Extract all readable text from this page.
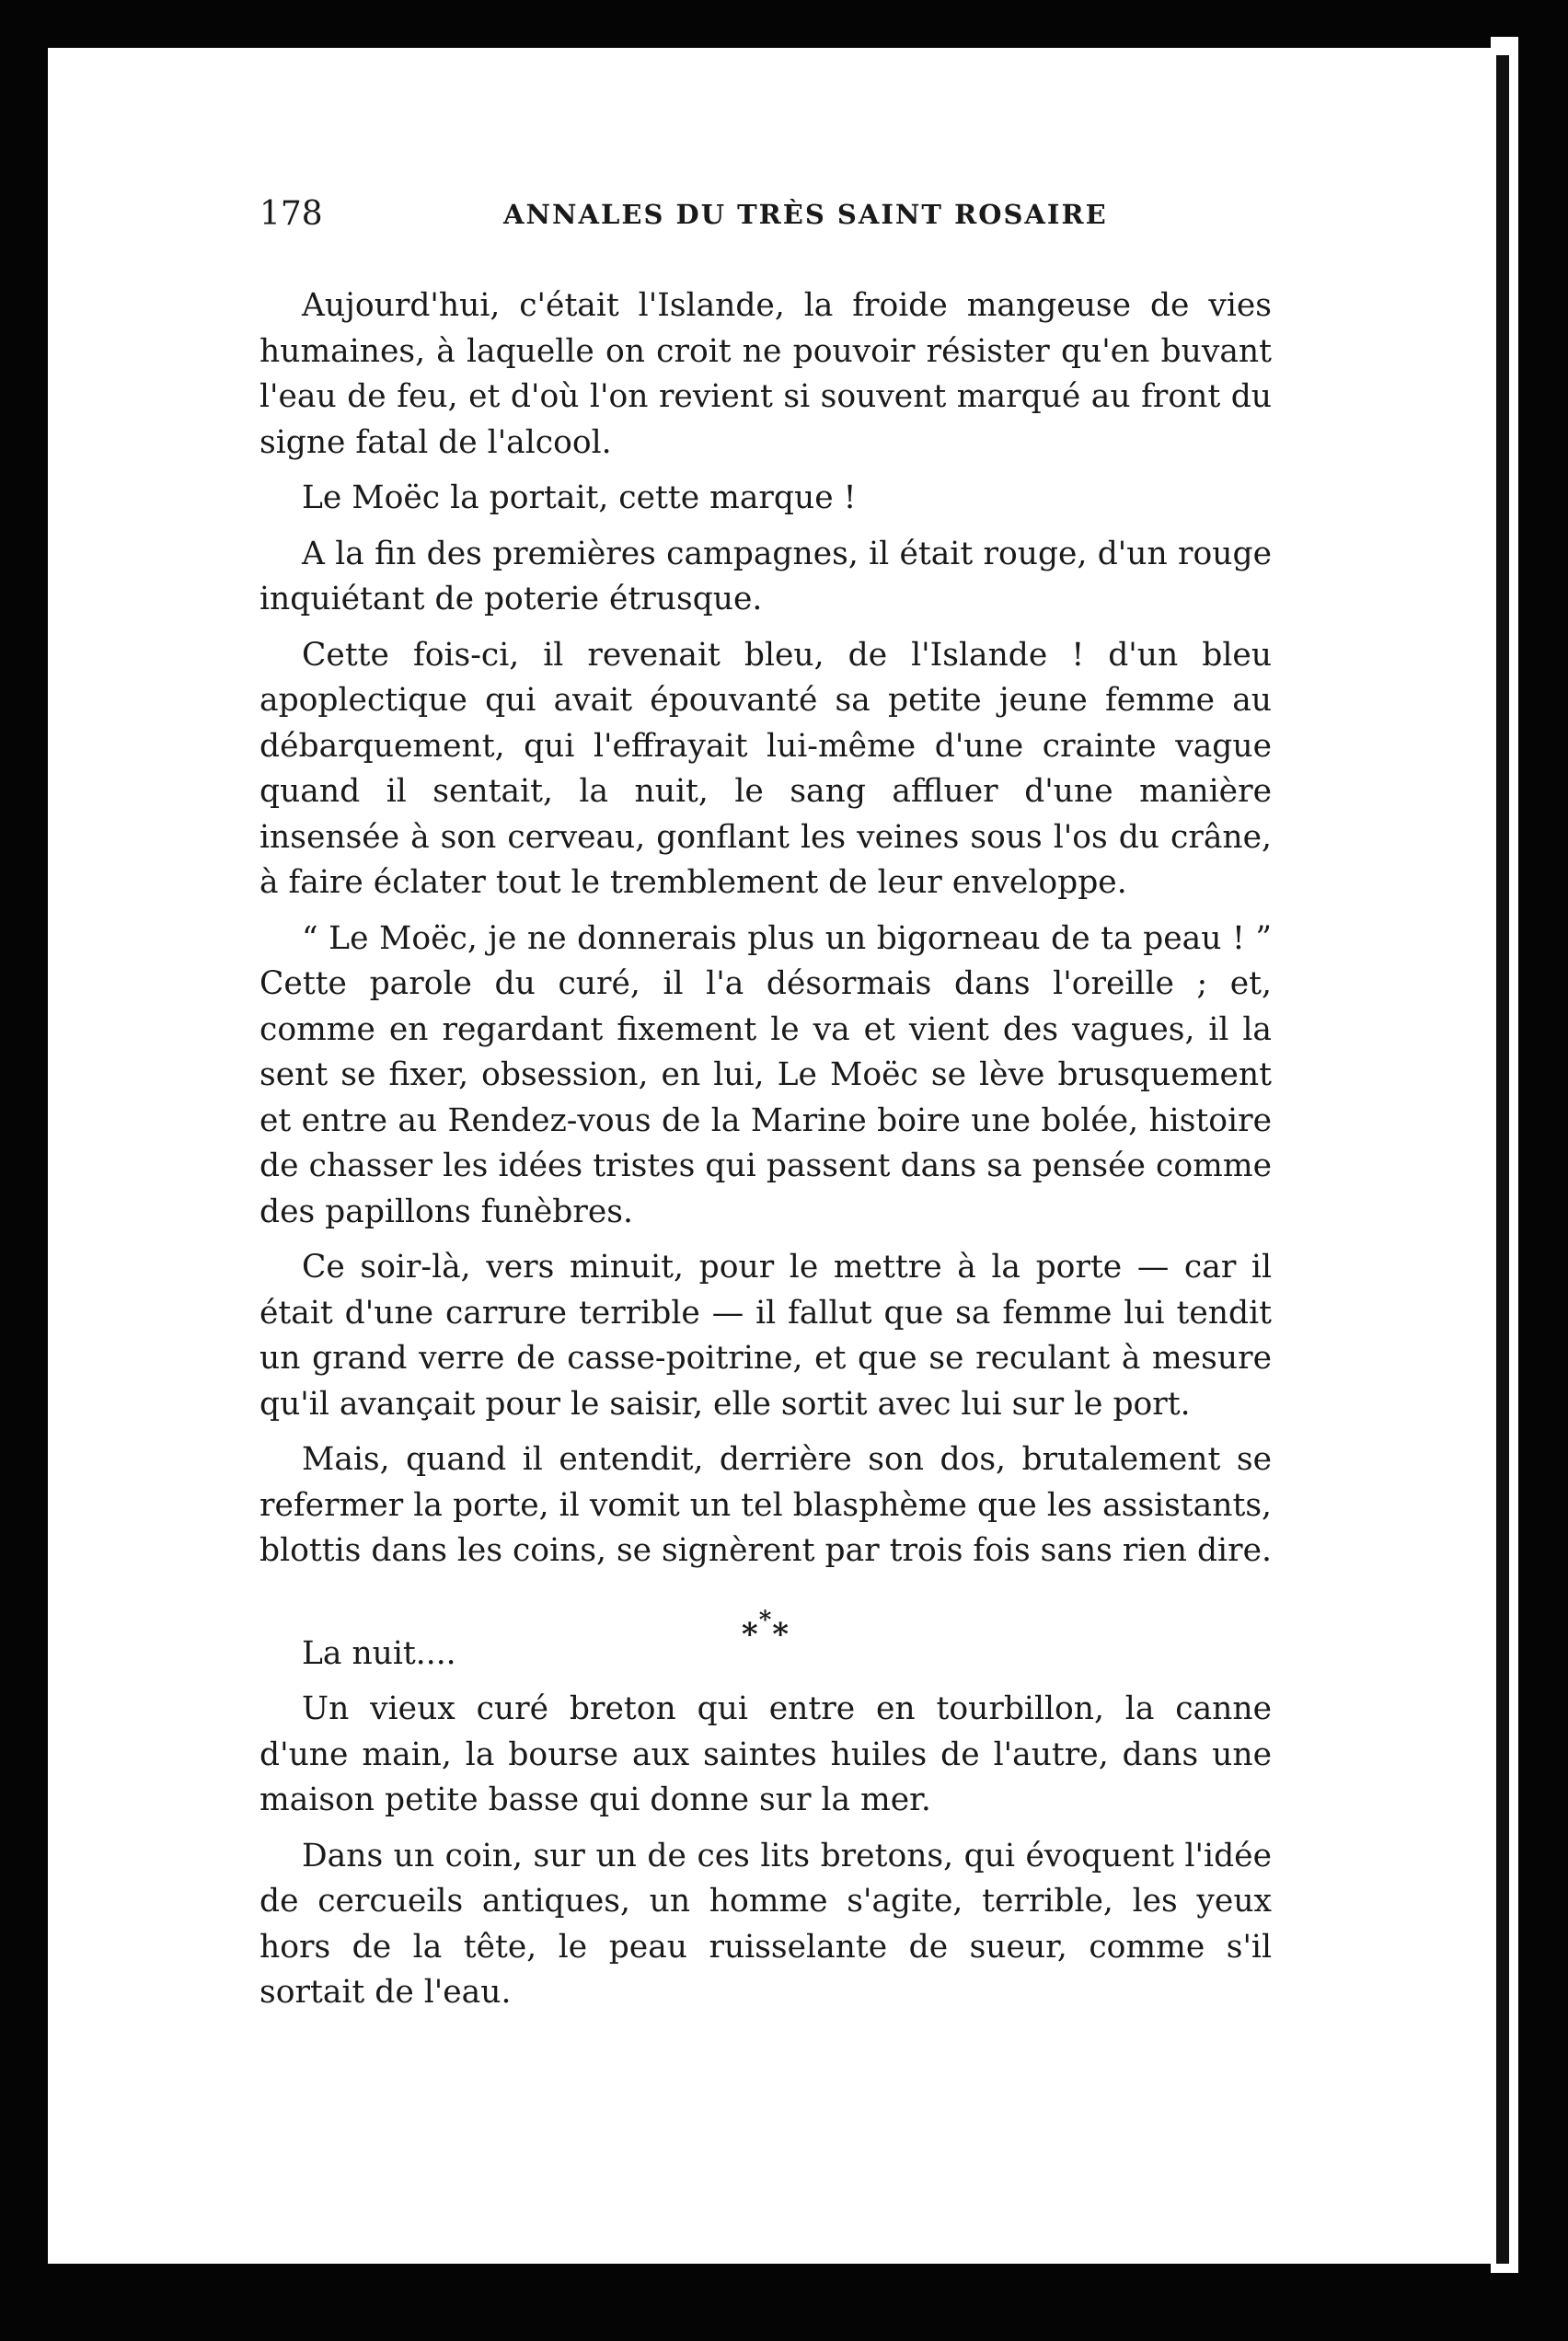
178	ANNALES DU TRÈS SAINT ROSAIRE

Aujourd'hui, c'était l'Islande, la froide mangeuse de vies humaines, à laquelle on croit ne pouvoir résister qu'en buvant l'eau de feu, et d'où l'on revient si souvent marqué au front du signe fatal de l'alcool.

Le Moëc la portait, cette marque !

A la fin des premières campagnes, il était rouge, d'un rouge inquiétant de poterie étrusque.

Cette fois-ci, il revenait bleu, de l'Islande ! d'un bleu apoplectique qui avait épouvanté sa petite jeune femme au débarquement, qui l'effrayait lui-même d'une crainte vague quand il sentait, la nuit, le sang affluer d'une manière insensée à son cerveau, gonflant les veines sous l'os du crâne, à faire éclater tout le tremblement de leur enveloppe.

“ Le Moëc, je ne donnerais plus un bigorneau de ta peau ! ” Cette parole du curé, il l'a désormais dans l'oreille ; et, comme en regardant fixement le va et vient des vagues, il la sent se fixer, obsession, en lui, Le Moëc se lève brusquement et entre au Rendez-vous de la Marine boire une bolée, histoire de chasser les idées tristes qui passent dans sa pensée comme des papillons funèbres.

Ce soir-là, vers minuit, pour le mettre à la porte — car il était d'une carrure terrible — il fallut que sa femme lui tendit un grand verre de casse-poitrine, et que se reculant à mesure qu'il avançait pour le saisir, elle sortit avec lui sur le port.

Mais, quand il entendit, derrière son dos, brutalement se refermer la porte, il vomit un tel blasphème que les assistants, blottis dans les coins, se signèrent par trois fois sans rien dire.

***

La nuit....

Un vieux curé breton qui entre en tourbillon, la canne d'une main, la bourse aux saintes huiles de l'autre, dans une maison petite basse qui donne sur la mer.

Dans un coin, sur un de ces lits bretons, qui évoquent l'idée de cercueils antiques, un homme s'agite, terrible, les yeux hors de la tête, le peau ruisselante de sueur, comme s'il sortait de l'eau.
